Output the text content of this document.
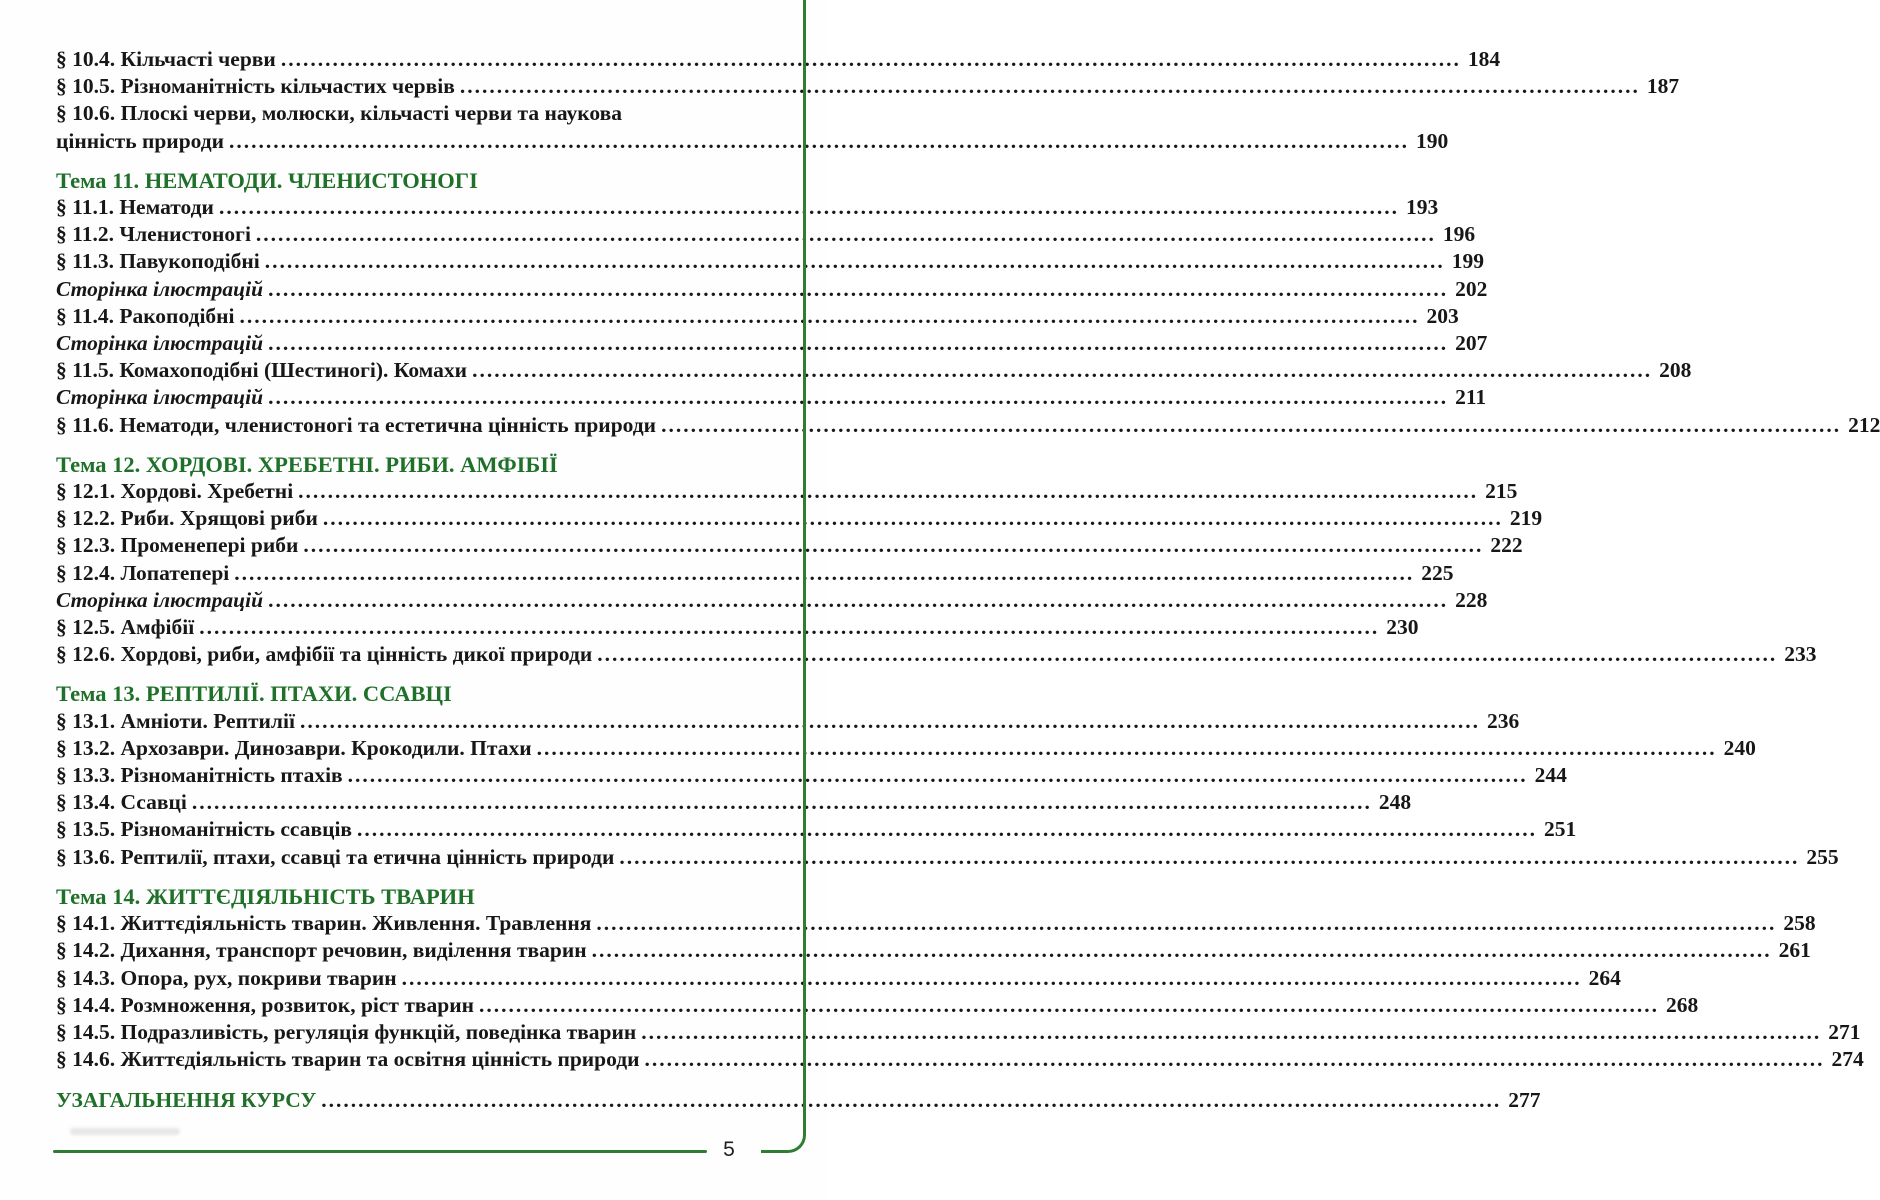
§ 10.4. Кільчасті черви ................................................................................................................................................................ 184
§ 10.5. Різноманітність кільчастих червів ................................................................................................................................................................ 187
§ 10.6. Плоскі черви, молюски, кільчасті черви та наукова
цінність природи ................................................................................................................................................................ 190
Тема 11. НЕМАТОДИ. ЧЛЕНИСТОНОГІ
§ 11.1. Нематоди ................................................................................................................................................................ 193
§ 11.2. Членистоногі ................................................................................................................................................................ 196
§ 11.3. Павукоподібні ................................................................................................................................................................ 199
Сторінка ілюстрацій ................................................................................................................................................................ 202
§ 11.4. Ракоподібні ................................................................................................................................................................ 203
Сторінка ілюстрацій ................................................................................................................................................................ 207
§ 11.5. Комахоподібні (Шестиногі). Комахи ................................................................................................................................................................ 208
Сторінка ілюстрацій ................................................................................................................................................................ 211
§ 11.6. Нематоди, членистоногі та естетична цінність природи ................................................................................................................................................................ 212
Тема 12. ХОРДОВІ. ХРЕБЕТНІ. РИБИ. АМФІБІЇ
§ 12.1. Хордові. Хребетні ................................................................................................................................................................ 215
§ 12.2. Риби. Хрящові риби ................................................................................................................................................................ 219
§ 12.3. Променепері риби ................................................................................................................................................................ 222
§ 12.4. Лопатепері ................................................................................................................................................................ 225
Сторінка ілюстрацій ................................................................................................................................................................ 228
§ 12.5. Амфібії ................................................................................................................................................................ 230
§ 12.6. Хордові, риби, амфібії та цінність дикої природи ................................................................................................................................................................ 233
Тема 13. РЕПТИЛІЇ. ПТАХИ. ССАВЦІ
§ 13.1. Амніоти. Рептилії ................................................................................................................................................................ 236
§ 13.2. Архозаври. Динозаври. Крокодили. Птахи ................................................................................................................................................................ 240
§ 13.3. Різноманітність птахів ................................................................................................................................................................ 244
§ 13.4. Ссавці ................................................................................................................................................................ 248
§ 13.5. Різноманітність ссавців ................................................................................................................................................................ 251
§ 13.6. Рептилії, птахи, ссавці та етична цінність природи ................................................................................................................................................................ 255
Тема 14. ЖИТТЄДІЯЛЬНІСТЬ ТВАРИН
§ 14.1. Життєдіяльність тварин. Живлення. Травлення ................................................................................................................................................................ 258
§ 14.2. Дихання, транспорт речовин, виділення тварин ................................................................................................................................................................ 261
§ 14.3. Опора, рух, покриви тварин ................................................................................................................................................................ 264
§ 14.4. Розмноження, розвиток, ріст тварин ................................................................................................................................................................ 268
§ 14.5. Подразливість, регуляція функцій, поведінка тварин ................................................................................................................................................................ 271
§ 14.6. Життєдіяльність тварин та освітня цінність природи ................................................................................................................................................................ 274
УЗАГАЛЬНЕННЯ КУРСУ ................................................................................................................................................................ 277
5
